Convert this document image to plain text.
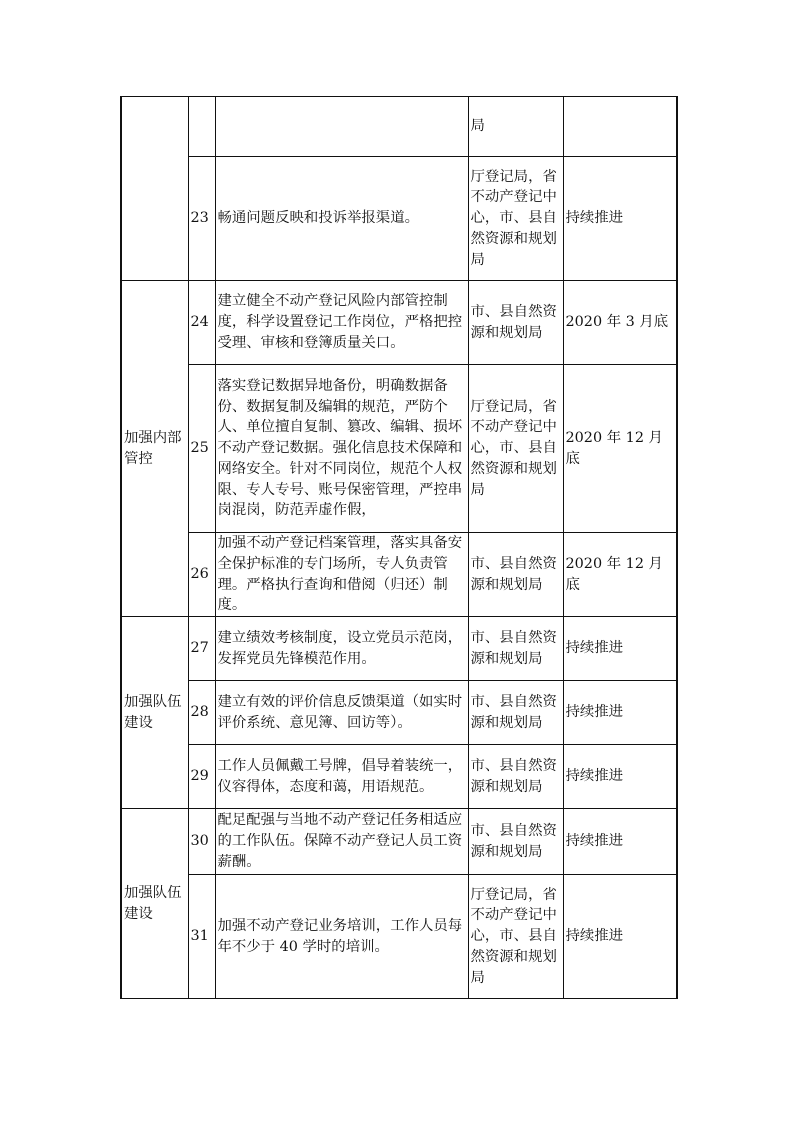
			局	
	23	畅通问题反映和投诉举报渠道。	厅登记局，省不动产登记中心，市、县自然资源和规划局	持续推进
加强内部管控	24	建立健全不动产登记风险内部管控制度，科学设置登记工作岗位，严格把控受理、审核和登簿质量关口。	市、县自然资源和规划局	2020 年 3 月底
	25	落实登记数据异地备份，明确数据备份、数据复制及编辑的规范，严防个人、单位擅自复制、篡改、编辑、损坏不动产登记数据。强化信息技术保障和网络安全。针对不同岗位，规范个人权限、专人专号、账号保密管理，严控串岗混岗，防范弄虚作假，	厅登记局，省不动产登记中心，市、县自然资源和规划局	2020 年 12 月底
	26	加强不动产登记档案管理，落实具备安全保护标准的专门场所，专人负责管理。严格执行查询和借阅（归还）制度。	市、县自然资源和规划局	2020 年 12 月底
加强队伍建设	27	建立绩效考核制度，设立党员示范岗，发挥党员先锋模范作用。	市、县自然资源和规划局	持续推进
	28	建立有效的评价信息反馈渠道（如实时评价系统、意见簿、回访等）。	市、县自然资源和规划局	持续推进
	29	工作人员佩戴工号牌，倡导着装统一，仪容得体，态度和蔼，用语规范。	市、县自然资源和规划局	持续推进
加强队伍建设	30	配足配强与当地不动产登记任务相适应的工作队伍。保障不动产登记人员工资薪酬。	市、县自然资源和规划局	持续推进
	31	加强不动产登记业务培训，工作人员每年不少于 40 学时的培训。	厅登记局，省不动产登记中心，市、县自然资源和规划局	持续推进
